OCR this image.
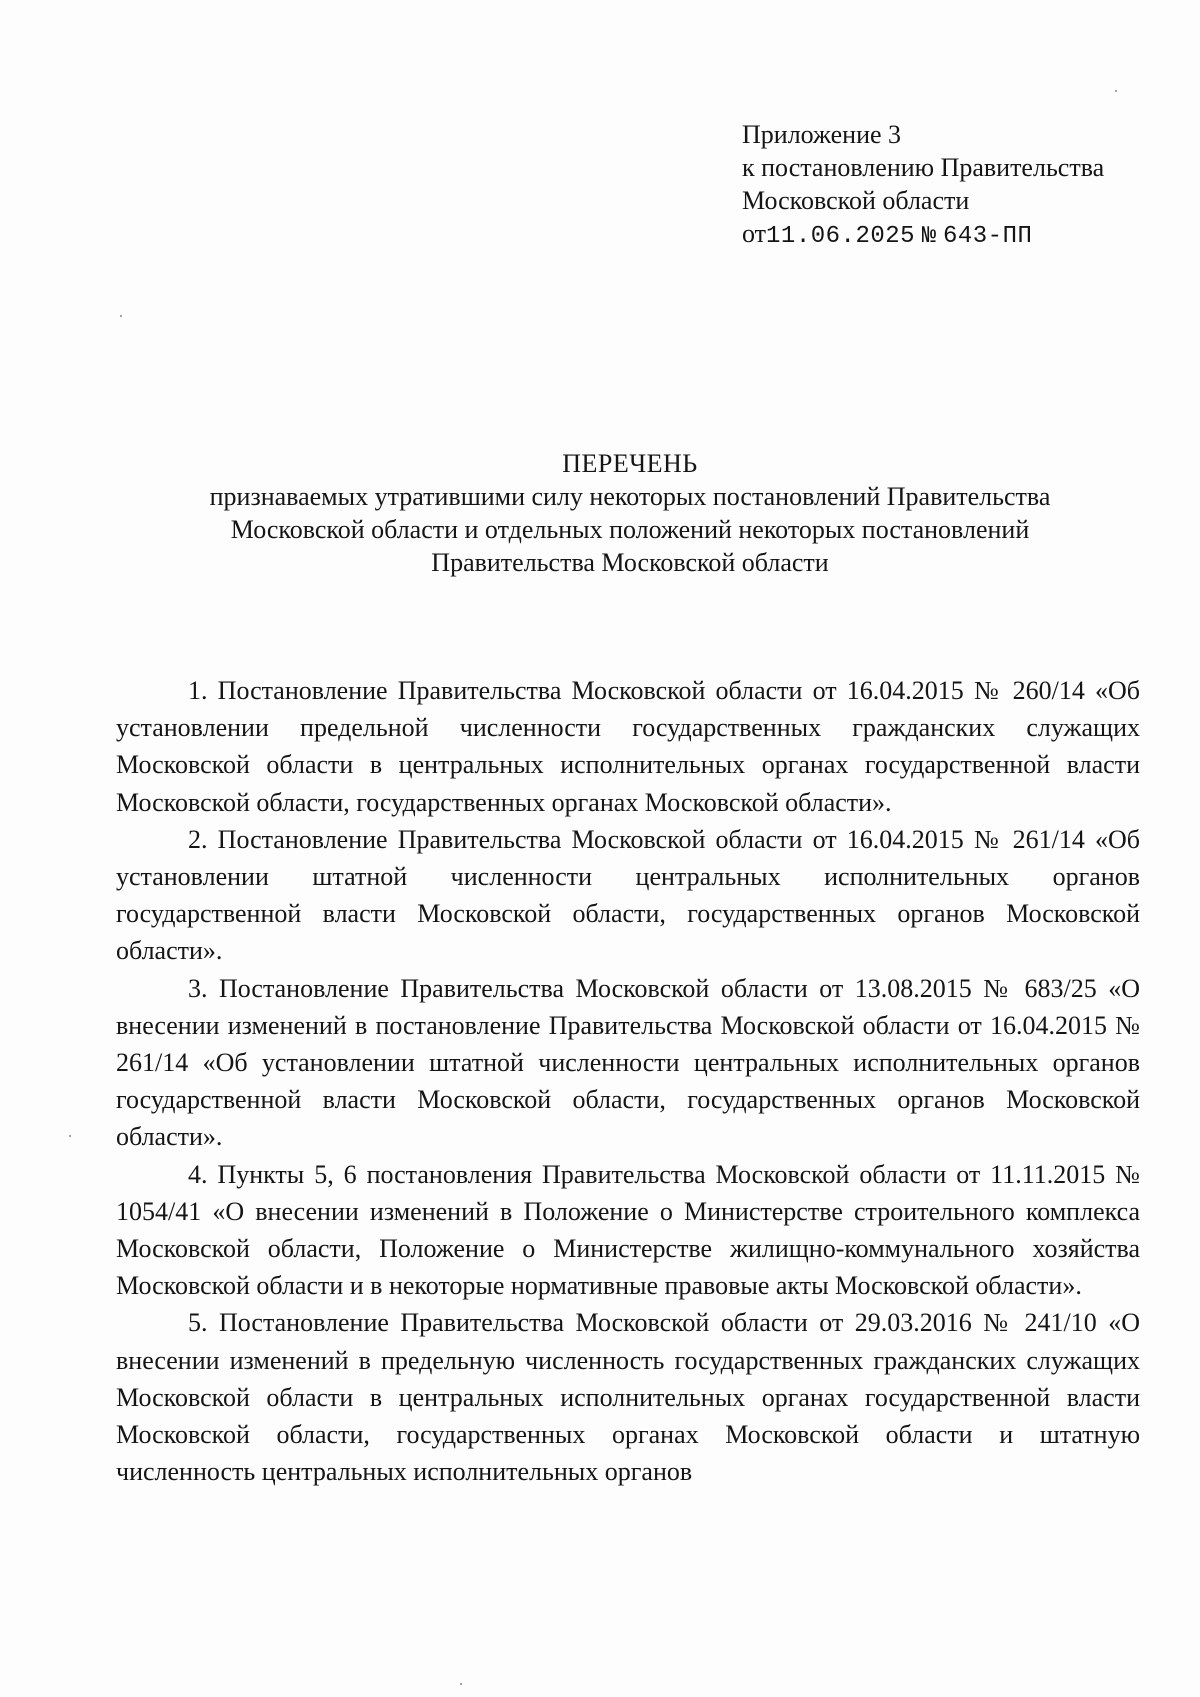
Приложение 3
к постановлению Правительства
Московской области
от11.06.2025 № 643-ПП
ПЕРЕЧЕНЬ
признаваемых утратившими силу некоторых постановлений Правительства
Московской области и отдельных положений некоторых постановлений
Правительства Московской области

1. Постановление Правительства Московской области от 16.04.2015 № 260/14 «Об установлении предельной численности государственных гражданских служащих Московской области в центральных исполнительных органах государственной власти Московской области, государственных органах Московской области».

2. Постановление Правительства Московской области от 16.04.2015 № 261/14 «Об установлении штатной численности центральных исполнительных органов государственной власти Московской области, государственных органов Московской области».

3. Постановление Правительства Московской области от 13.08.2015 № 683/25 «О внесении изменений в постановление Правительства Московской области от 16.04.2015 № 261/14 «Об установлении штатной численности центральных исполнительных органов государственной власти Московской области, государственных органов Московской области».

4. Пункты 5, 6 постановления Правительства Московской области от 11.11.2015 № 1054/41 «О внесении изменений в Положение о Министерстве строительного комплекса Московской области, Положение о Министерстве жилищно-коммунального хозяйства Московской области и в некоторые нормативные правовые акты Московской области».

5. Постановление Правительства Московской области от 29.03.2016 № 241/10 «О внесении изменений в предельную численность государственных гражданских служащих Московской области в центральных исполнительных органах государственной власти Московской области, государственных органах Московской области и штатную численность центральных исполнительных органов
